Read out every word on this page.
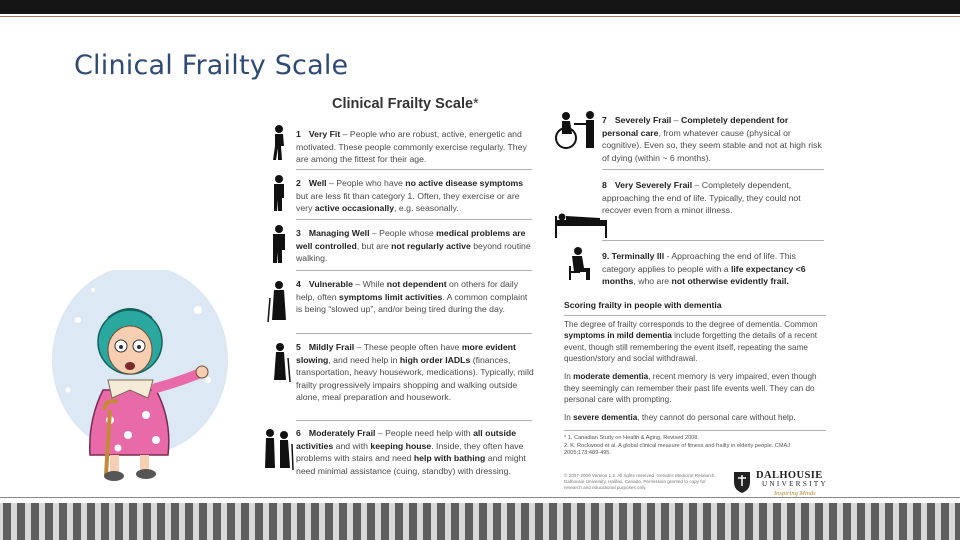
Clinical Frailty Scale
Clinical Frailty Scale*
1 Very Fit – People who are robust, active, energetic and motivated. These people commonly exercise regularly. They are among the fittest for their age.
2 Well – People who have no active disease symptoms but are less fit than category 1. Often, they exercise or are very active occasionally, e.g. seasonally.
3 Managing Well – People whose medical problems are well controlled, but are not regularly active beyond routine walking.
4 Vulnerable – While not dependent on others for daily help, often symptoms limit activities. A common complaint is being “slowed up”, and/or being tired during the day.
5 Mildly Frail – These people often have more evident slowing, and need help in high order IADLs (finances, transportation, heavy housework, medications). Typically, mild frailty progressively impairs shopping and walking outside alone, meal preparation and housework.
6 Moderately Frail – People need help with all outside activities and with keeping house. Inside, they often have problems with stairs and need help with bathing and might need minimal assistance (cuing, standby) with dressing.
7 Severely Frail – Completely dependent for personal care, from whatever cause (physical or cognitive). Even so, they seem stable and not at high risk of dying (within ~ 6 months).
8 Very Severely Frail – Completely dependent, approaching the end of life. Typically, they could not recover even from a minor illness.
9. Terminally Ill - Approaching the end of life. This category applies to people with a life expectancy <6 months, who are not otherwise evidently frail.
Scoring frailty in people with dementia

The degree of frailty corresponds to the degree of dementia. Common symptoms in mild dementia include forgetting the details of a recent event, though still remembering the event itself, repeating the same question/story and social withdrawal.

In moderate dementia, recent memory is very impaired, even though they seemingly can remember their past life events well. They can do personal care with prompting.

In severe dementia, they cannot do personal care without help.

* 1. Canadian Study on Health & Aging, Revised 2008.
2. K. Rockwood et al. A global clinical measure of fitness and frailty in elderly people. CMAJ 2005;173:489-495.
© 2007-2009 Version 1.2. All rights reserved. Geriatric Medicine Research, Dalhousie University, Halifax, Canada. Permission granted to copy for research and educational purposes only.
DALHOUSIE
UNIVERSITY
Inspiring Minds
